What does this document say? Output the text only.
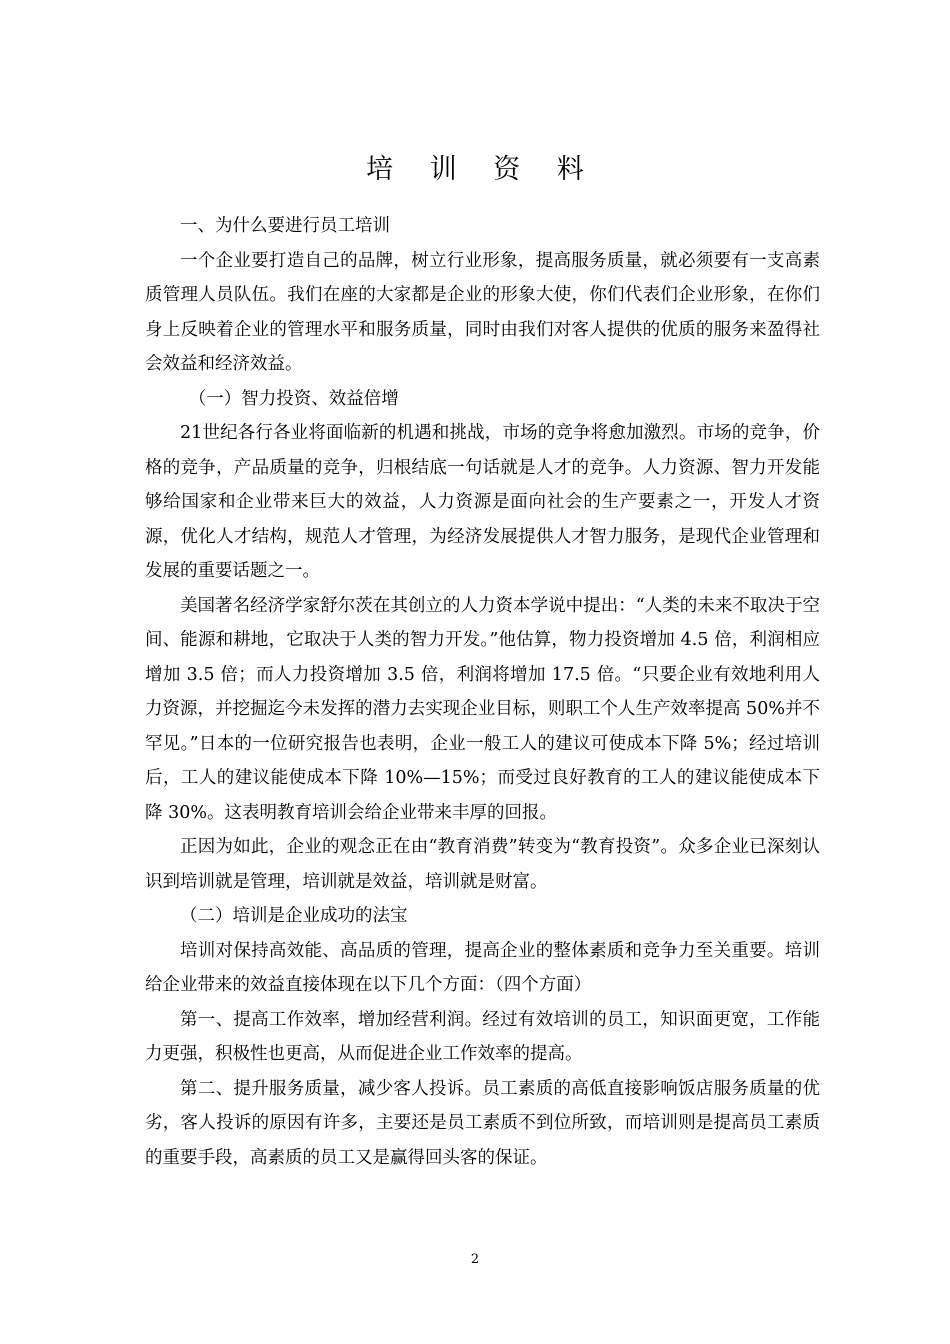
培 训 资 料

一、为什么要进行员工培训

一个企业要打造自己的品牌，树立行业形象，提高服务质量，就必须要有一支高素质管理人员队伍。我们在座的大家都是企业的形象大使，你们代表们企业形象，在你们身上反映着企业的管理水平和服务质量，同时由我们对客人提供的优质的服务来盈得社会效益和经济效益。

（一）智力投资、效益倍增

21世纪各行各业将面临新的机遇和挑战，市场的竞争将愈加激烈。市场的竞争，价格的竞争，产品质量的竞争，归根结底一句话就是人才的竞争。人力资源、智力开发能够给国家和企业带来巨大的效益，人力资源是面向社会的生产要素之一，开发人才资源，优化人才结构，规范人才管理，为经济发展提供人才智力服务，是现代企业管理和发展的重要话题之一。

美国著名经济学家舒尔茨在其创立的人力资本学说中提出：“人类的未来不取决于空间、能源和耕地，它取决于人类的智力开发。”他估算，物力投资增加 4.5 倍，利润相应增加 3.5 倍；而人力投资增加 3.5 倍，利润将增加 17.5 倍。“只要企业有效地利用人力资源，并挖掘迄今未发挥的潜力去实现企业目标，则职工个人生产效率提高 50%并不罕见。”日本的一位研究报告也表明，企业一般工人的建议可使成本下降 5%；经过培训后，工人的建议能使成本下降 10%—15%；而受过良好教育的工人的建议能使成本下降 30%。这表明教育培训会给企业带来丰厚的回报。

正因为如此，企业的观念正在由“教育消费”转变为“教育投资”。众多企业已深刻认识到培训就是管理，培训就是效益，培训就是财富。

（二）培训是企业成功的法宝

培训对保持高效能、高品质的管理，提高企业的整体素质和竞争力至关重要。培训给企业带来的效益直接体现在以下几个方面：（四个方面）

第一、提高工作效率，增加经营利润。经过有效培训的员工，知识面更宽，工作能力更强，积极性也更高，从而促进企业工作效率的提高。

第二、提升服务质量，减少客人投诉。员工素质的高低直接影响饭店服务质量的优劣，客人投诉的原因有许多，主要还是员工素质不到位所致，而培训则是提高员工素质的重要手段，高素质的员工又是赢得回头客的保证。

2
